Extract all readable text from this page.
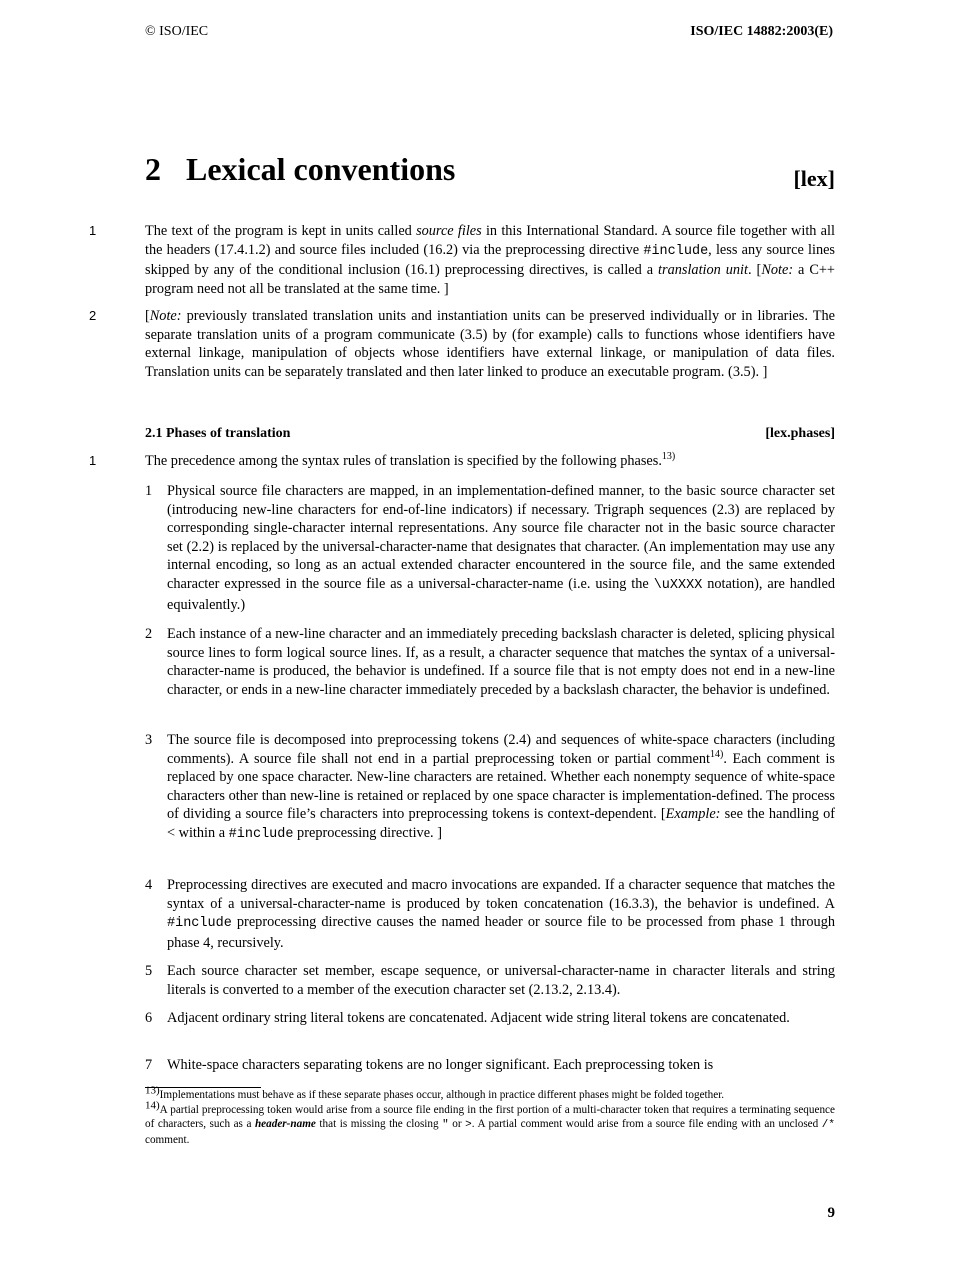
© ISO/IEC	ISO/IEC 14882:2003(E)
2 Lexical conventions	[lex]
1	The text of the program is kept in units called source files in this International Standard. A source file together with all the headers (17.4.1.2) and source files included (16.2) via the preprocessing directive #include, less any source lines skipped by any of the conditional inclusion (16.1) preprocessing directives, is called a translation unit. [Note: a C++ program need not all be translated at the same time. ]
2	[Note: previously translated translation units and instantiation units can be preserved individually or in libraries. The separate translation units of a program communicate (3.5) by (for example) calls to functions whose identifiers have external linkage, manipulation of objects whose identifiers have external linkage, or manipulation of data files. Translation units can be separately translated and then later linked to produce an executable program. (3.5). ]
2.1 Phases of translation	[lex.phases]
1	The precedence among the syntax rules of translation is specified by the following phases.$^{13)}$
1 Physical source file characters are mapped, in an implementation-defined manner, to the basic source character set (introducing new-line characters for end-of-line indicators) if necessary. Trigraph sequences (2.3) are replaced by corresponding single-character internal representations. Any source file character not in the basic source character set (2.2) is replaced by the universal-character-name that designates that character. (An implementation may use any internal encoding, so long as an actual extended character encountered in the source file, and the same extended character expressed in the source file as a universal-character-name (i.e. using the \uXXXX notation), are handled equivalently.)
2 Each instance of a new-line character and an immediately preceding backslash character is deleted, splicing physical source lines to form logical source lines. If, as a result, a character sequence that matches the syntax of a universal-character-name is produced, the behavior is undefined. If a source file that is not empty does not end in a new-line character, or ends in a new-line character immediately preceded by a backslash character, the behavior is undefined.
3 The source file is decomposed into preprocessing tokens (2.4) and sequences of white-space characters (including comments). A source file shall not end in a partial preprocessing token or partial comment$^{14)}$. Each comment is replaced by one space character. New-line characters are retained. Whether each nonempty sequence of white-space characters other than new-line is retained or replaced by one space character is implementation-defined. The process of dividing a source file’s characters into preprocessing tokens is context-dependent. [Example: see the handling of < within a #include preprocessing directive. ]
4 Preprocessing directives are executed and macro invocations are expanded. If a character sequence that matches the syntax of a universal-character-name is produced by token concatenation (16.3.3), the behavior is undefined. A #include preprocessing directive causes the named header or source file to be processed from phase 1 through phase 4, recursively.
5 Each source character set member, escape sequence, or universal-character-name in character literals and string literals is converted to a member of the execution character set (2.13.2, 2.13.4).
6 Adjacent ordinary string literal tokens are concatenated. Adjacent wide string literal tokens are concatenated.
7 White-space characters separating tokens are no longer significant. Each preprocessing token is
$^{13)}$Implementations must behave as if these separate phases occur, although in practice different phases might be folded together.
$^{14)}$A partial preprocessing token would arise from a source file ending in the first portion of a multi-character token that requires a terminating sequence of characters, such as a header-name that is missing the closing " or >. A partial comment would arise from a source file ending with an unclosed /* comment.
9
